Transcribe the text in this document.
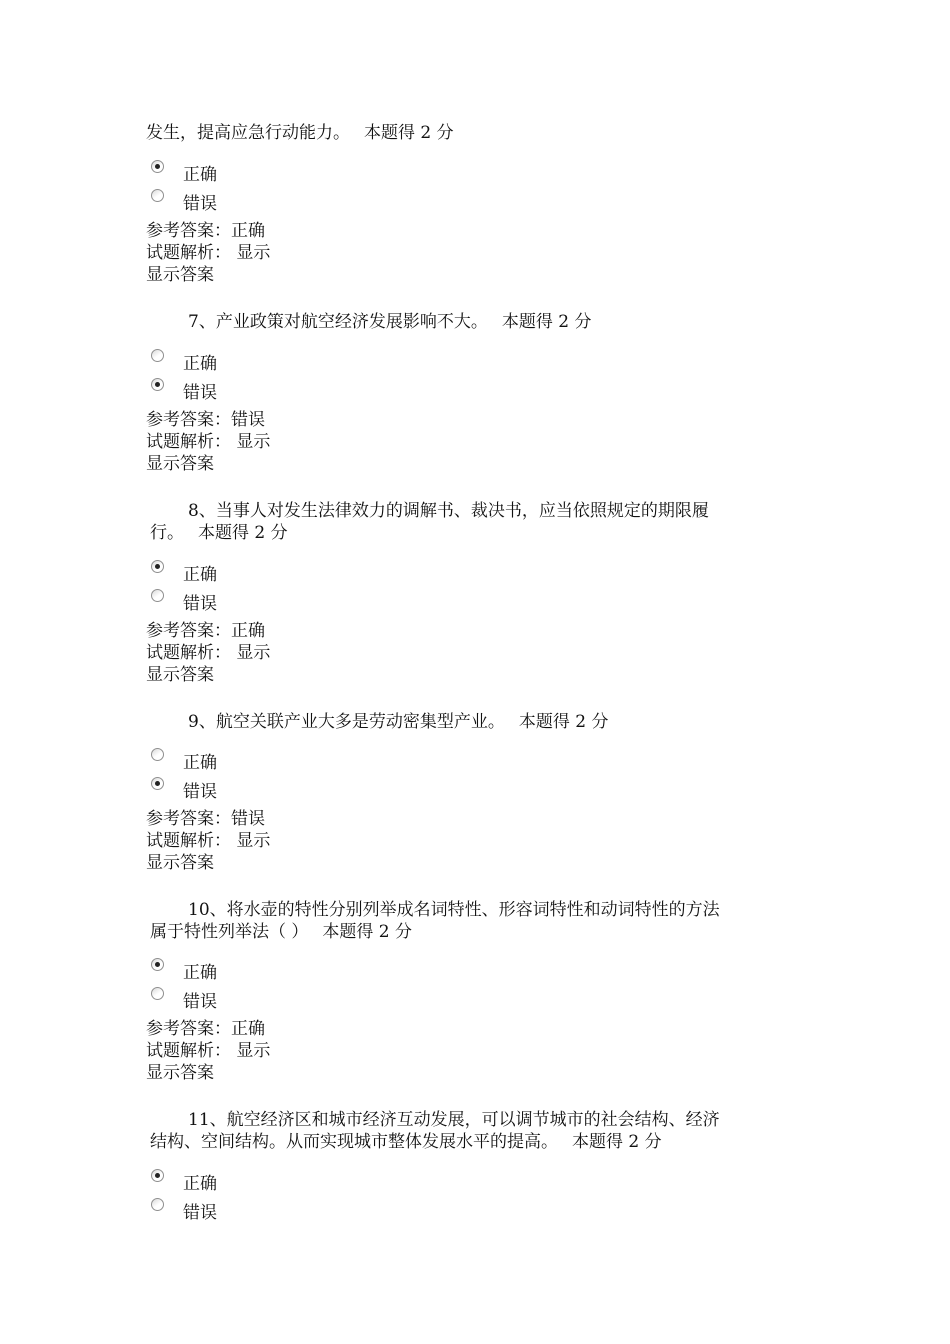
发生，提高应急行动能力。 本题得 2 分
正确
错误
参考答案：正确
试题解析： 显示
显示答案
7、产业政策对航空经济发展影响不大。 本题得 2 分
正确
错误
参考答案：错误
试题解析： 显示
显示答案
8、当事人对发生法律效力的调解书、裁决书，应当依照规定的期限履
行。 本题得 2 分
正确
错误
参考答案：正确
试题解析： 显示
显示答案
9、航空关联产业大多是劳动密集型产业。 本题得 2 分
正确
错误
参考答案：错误
试题解析： 显示
显示答案
10、将水壶的特性分别列举成名词特性、形容词特性和动词特性的方法
属于特性列举法（ ） 本题得 2 分
正确
错误
参考答案：正确
试题解析： 显示
显示答案
11、航空经济区和城市经济互动发展，可以调节城市的社会结构、经济
结构、空间结构。从而实现城市整体发展水平的提高。 本题得 2 分
正确
错误
